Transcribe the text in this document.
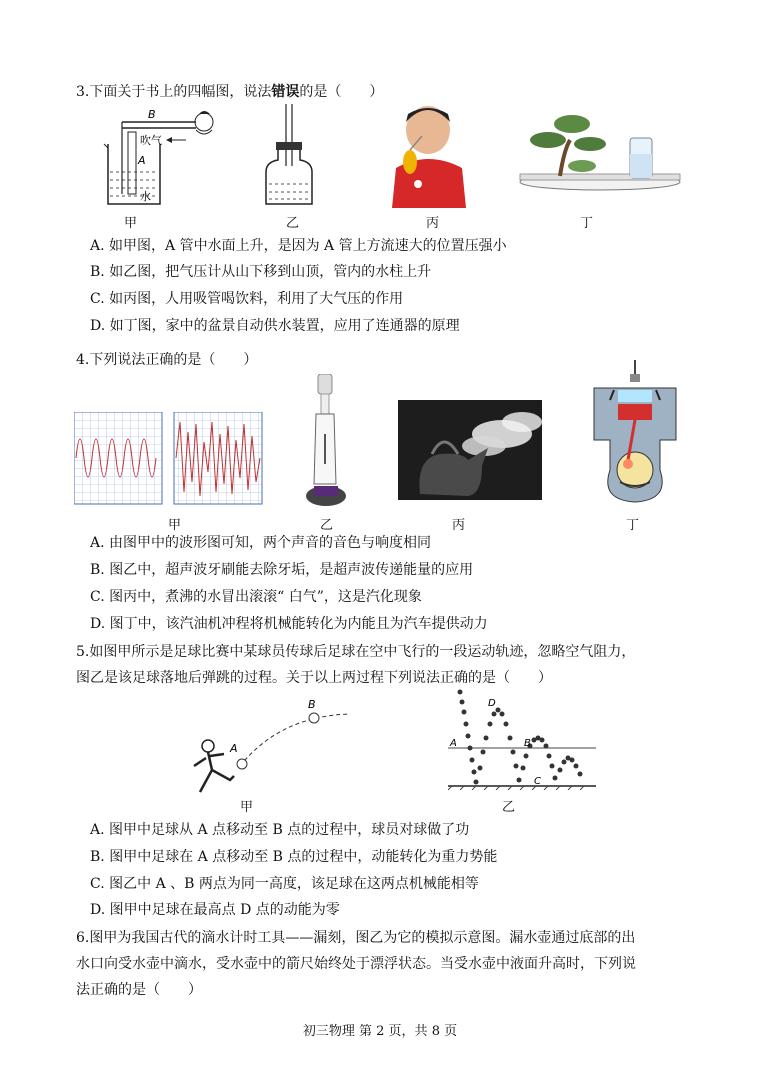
3.下面关于书上的四幅图，说法错误的是（　　）
B
吹气
A
水
甲	乙	丙	丁
A. 如甲图，A 管中水面上升，是因为 A 管上方流速大的位置压强小
B. 如乙图，把气压计从山下移到山顶，管内的水柱上升
C. 如丙图，人用吸管喝饮料，利用了大气压的作用
D. 如丁图，家中的盆景自动供水装置，应用了连通器的原理
4.下列说法正确的是（　　）
甲	乙	丙	丁
A. 由图甲中的波形图可知，两个声音的音色与响度相同
B. 图乙中，超声波牙刷能去除牙垢，是超声波传递能量的应用
C. 图丙中，煮沸的水冒出滚滚“ 白气”，这是汽化现象
D. 图丁中，该汽油机冲程将机械能转化为内能且为汽车提供动力
5.如图甲所示是足球比赛中某球员传球后足球在空中飞行的一段运动轨迹，忽略空气阻力，
图乙是该足球落地后弹跳的过程。关于以上两过程下列说法正确的是（　　）
A
B
甲
A
D
B
C
乙
A. 图甲中足球从 A 点移动至 B 点的过程中，球员对球做了功
B. 图甲中足球在 A 点移动至 B 点的过程中，动能转化为重力势能
C. 图乙中 A 、B 两点为同一高度，该足球在这两点机械能相等
D. 图甲中足球在最高点 D 点的动能为零
6.图甲为我国古代的滴水计时工具——漏刻，图乙为它的模拟示意图。漏水壶通过底部的出
水口向受水壶中滴水，受水壶中的箭尺始终处于漂浮状态。当受水壶中液面升高时，下列说
法正确的是（　　）
初三物理 第 2 页，共 8 页
